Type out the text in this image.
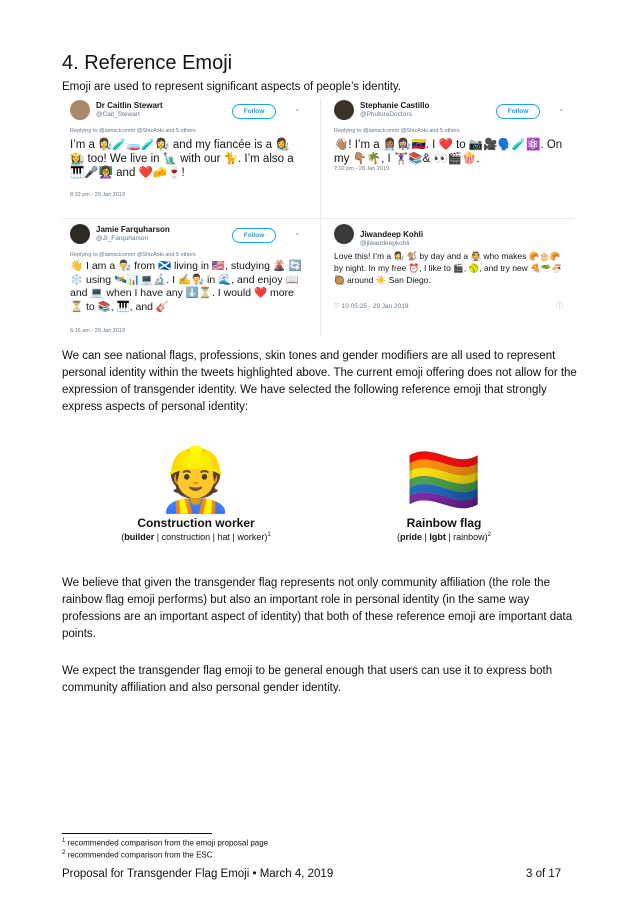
4. Reference Emoji
Emoji are used to represent significant aspects of people’s identity.
Dr Caitlin Stewart
@Cait_Stewart	Follow	⌄
Replying to @iamscicomm @ShizAoki and 5 others
I’m a 👩‍🔬🧪🧫🧪👩‍🔬 and my fiancée is a 👩‍🎨 👩‍🌾 too! We live in 🗽 with our 🐈. I’m also a 🎹🎤👩‍🏫 and ❤️🧀🍷!
8:33 pm - 29 Jan 2019
Stephanie Castillo
@PhutureDoctors	Follow	⌄
Replying to @iamscicomm @ShizAoki and 5 others
👋🏽! I’m a 👩🏽‍⚕️👩🏽‍🔬🇻🇪. I ❤️ to 📷🎥🗣️🧪⚛️. On my 👇🏽🌴, I 🏋🏽‍♀️📚& 👀🎬🍿.
7:02 pm - 28 Jan 2019
Jamie Farquharson
@JI_Farquharson	Follow	⌄
Replying to @iamscicomm @ShizAoki and 5 others
👋 I am a 👨‍🔬 from 🏴󠁧󠁢󠁳󠁣󠁴󠁿 living in 🇺🇸, studying 🌋 🔄 ❄️ using 🛰️📊💻🔬. I ✍️👨‍🔬 in 🌊, and enjoy 📖 and 💻 when I have any ⬇️⏳. I would ❤️ more ⏳ to 📚, 🎹, and 🎸
6:16 am - 29 Jan 2019
Jiwandeep Kohli
@jiwandeepkohli
Love this! I’m a 👩‍🔬 🐒 by day and a 👰 who makes 🥐🎂🥐 by night. In my free ⏰, I like to 🎬, 🥎, and try new 🍕🥗🍜🥘 around ☀️ San Diego.
♡ 10 05:25 - 29 Jan 2019	ⓘ
We can see national flags, professions, skin tones and gender modifiers are all used to represent personal identity within the tweets highlighted above. The current emoji offering does not allow for the expression of transgender identity. We have selected the following reference emoji that strongly express aspects of personal identity:
👷
Construction worker
(builder | construction | hat | worker)$^1$
🏳️‍🌈
Rainbow flag
(pride | lgbt | rainbow)$^2$
We believe that given the transgender flag represents not only community affiliation (the role the rainbow flag emoji performs) but also an important role in personal identity (in the same way professions are an important aspect of identity) that both of these reference emoji are important data points.
We expect the transgender flag emoji to be general enough that users can use it to express both community affiliation and also personal gender identity.
$^1$ recommended comparison from the emoji proposal page
$^2$ recommended comparison from the ESC
Proposal for Transgender Flag Emoji • March 4, 2019	3 of 17
